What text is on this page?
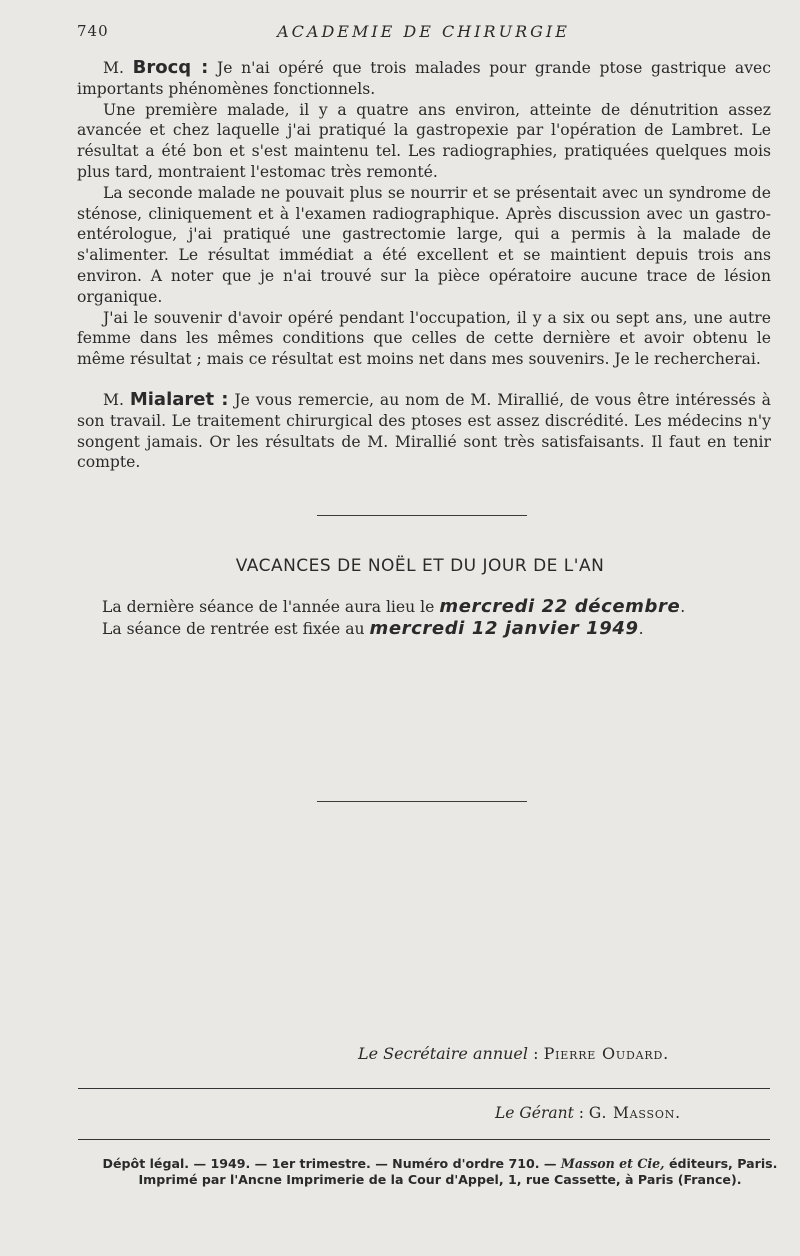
740	ACADEMIE DE CHIRURGIE

M. Brocq : Je n'ai opéré que trois malades pour grande ptose gastrique avec importants phénomènes fonctionnels.

Une première malade, il y a quatre ans environ, atteinte de dénutrition assez avancée et chez laquelle j'ai pratiqué la gastropexie par l'opération de Lambret. Le résultat a été bon et s'est maintenu tel. Les radiographies, pratiquées quelques mois plus tard, montraient l'estomac très remonté.

La seconde malade ne pouvait plus se nourrir et se présentait avec un syndrome de sténose, cliniquement et à l'examen radiographique. Après discussion avec un gastro-entérologue, j'ai pratiqué une gastrectomie large, qui a permis à la malade de s'alimenter. Le résultat immédiat a été excellent et se maintient depuis trois ans environ. A noter que je n'ai trouvé sur la pièce opératoire aucune trace de lésion organique.

J'ai le souvenir d'avoir opéré pendant l'occupation, il y a six ou sept ans, une autre femme dans les mêmes conditions que celles de cette dernière et avoir obtenu le même résultat ; mais ce résultat est moins net dans mes souvenirs. Je le rechercherai.

M. Mialaret : Je vous remercie, au nom de M. Mirallié, de vous être intéressés à son travail. Le traitement chirurgical des ptoses est assez discrédité. Les médecins n'y songent jamais. Or les résultats de M. Mirallié sont très satisfaisants. Il faut en tenir compte.

VACANCES DE NOËL ET DU JOUR DE L'AN
La dernière séance de l'année aura lieu le mercredi 22 décembre.
La séance de rentrée est fixée au mercredi 12 janvier 1949.
Le Secrétaire annuel : Pierre Oudard.
Le Gérant : G. Masson.
Dépôt légal. — 1949. — 1er trimestre. — Numéro d'ordre 710. — Masson et Cie, éditeurs, Paris.
Imprimé par l'Ancne Imprimerie de la Cour d'Appel, 1, rue Cassette, à Paris (France).
